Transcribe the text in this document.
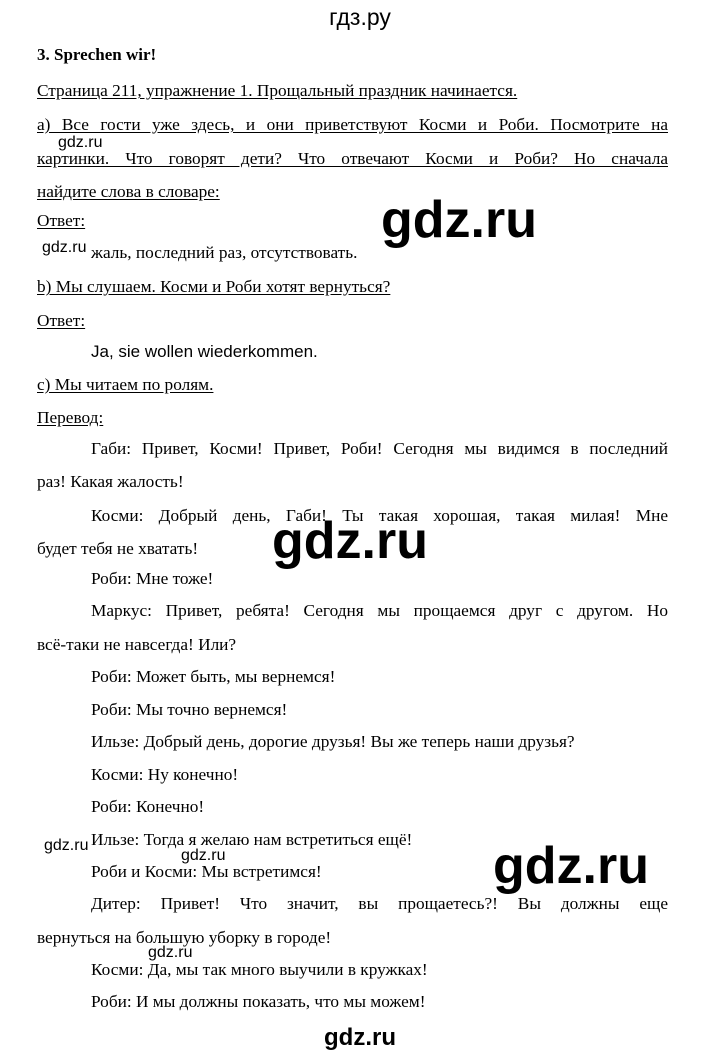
гдз.ру
3. Sprechen wir!
Страница 211, упражнение 1. Прощальный праздник начинается.
а) Все гости уже здесь, и они приветствуют Косми и Роби. Посмотрите на
картинки. Что говорят дети? Что отвечают Косми и Роби? Но сначала
найдите слова в словаре:
Ответ:
жаль, последний раз, отсутствовать.
b) Мы слушаем. Косми и Роби хотят вернуться?
Ответ:
Ja, sie wollen wiederkommen.
c) Мы читаем по ролям.
Перевод:
Габи: Привет, Косми! Привет, Роби! Сегодня мы видимся в последний
раз! Какая жалость!
Косми: Добрый день, Габи! Ты такая хорошая, такая милая! Мне
будет тебя не хватать!
Роби: Мне тоже!
Маркус: Привет, ребята! Сегодня мы прощаемся друг с другом. Но
всё-таки не навсегда! Или?
Роби: Может быть, мы вернемся!
Роби: Мы точно вернемся!
Ильзе: Добрый день, дорогие друзья! Вы же теперь наши друзья?
Косми: Ну конечно!
Роби: Конечно!
Ильзе: Тогда я желаю нам встретиться ещё!
Роби и Косми: Мы встретимся!
Дитер: Привет! Что значит, вы прощаетесь?! Вы должны еще
вернуться на большую уборку в городе!
Косми: Да, мы так много выучили в кружках!
Роби: И мы должны показать, что мы можем!
gdz.ru
gdz.ru
gdz.ru
gdz.ru
gdz.ru
gdz.ru
gdz.ru
gdz.ru
gdz.ru
